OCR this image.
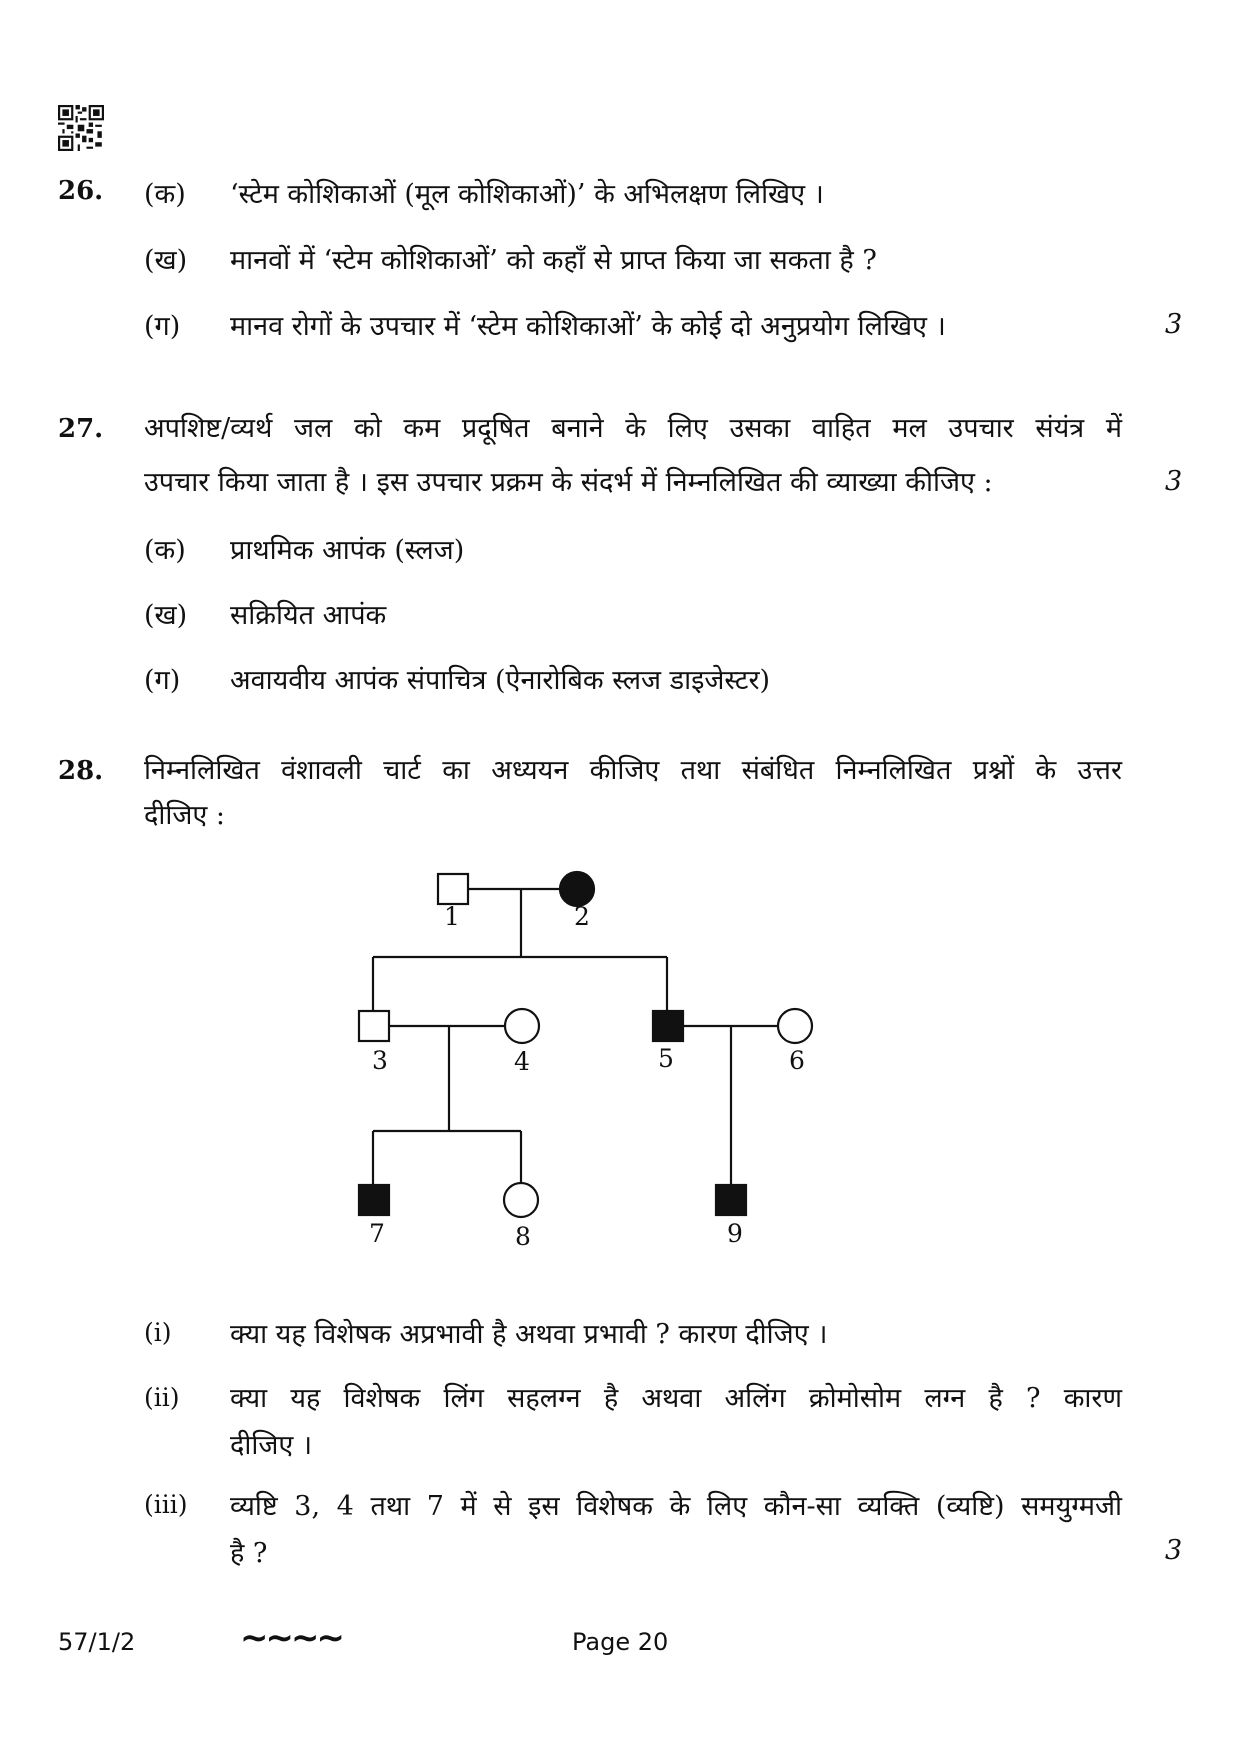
26. (क) ‘स्टेम कोशिकाओं (मूल कोशिकाओं)’ के अभिलक्षण लिखिए ।
(ख) मानवों में ‘स्टेम कोशिकाओं’ को कहाँ से प्राप्त किया जा सकता है ?
(ग) मानव रोगों के उपचार में ‘स्टेम कोशिकाओं’ के कोई दो अनुप्रयोग लिखिए ।	3
27. अपशिष्ट/व्यर्थ जल को कम प्रदूषित बनाने के लिए उसका वाहित मल उपचार संयंत्र में
उपचार किया जाता है । इस उपचार प्रक्रम के संदर्भ में निम्नलिखित की व्याख्या कीजिए :	3
(क) प्राथमिक आपंक (स्लज)
(ख) सक्रियित आपंक
(ग) अवायवीय आपंक संपाचित्र (ऐनारोबिक स्लज डाइजेस्टर)
28. निम्नलिखित वंशावली चार्ट का अध्ययन कीजिए तथा संबंधित निम्नलिखित प्रश्नों के उत्तर
दीजिए :
1	2
3	4	5	6
7	8	9
(i) क्या यह विशेषक अप्रभावी है अथवा प्रभावी ? कारण दीजिए ।
(ii) क्या यह विशेषक लिंग सहलग्न है अथवा अलिंग क्रोमोसोम लग्न है ? कारण
दीजिए ।
(iii) व्यष्टि 3, 4 तथा 7 में से इस विशेषक के लिए कौन-सा व्यक्ति (व्यष्टि) समयुग्मजी
है ?	3
57/1/2	∼∼∼∼	Page 20
